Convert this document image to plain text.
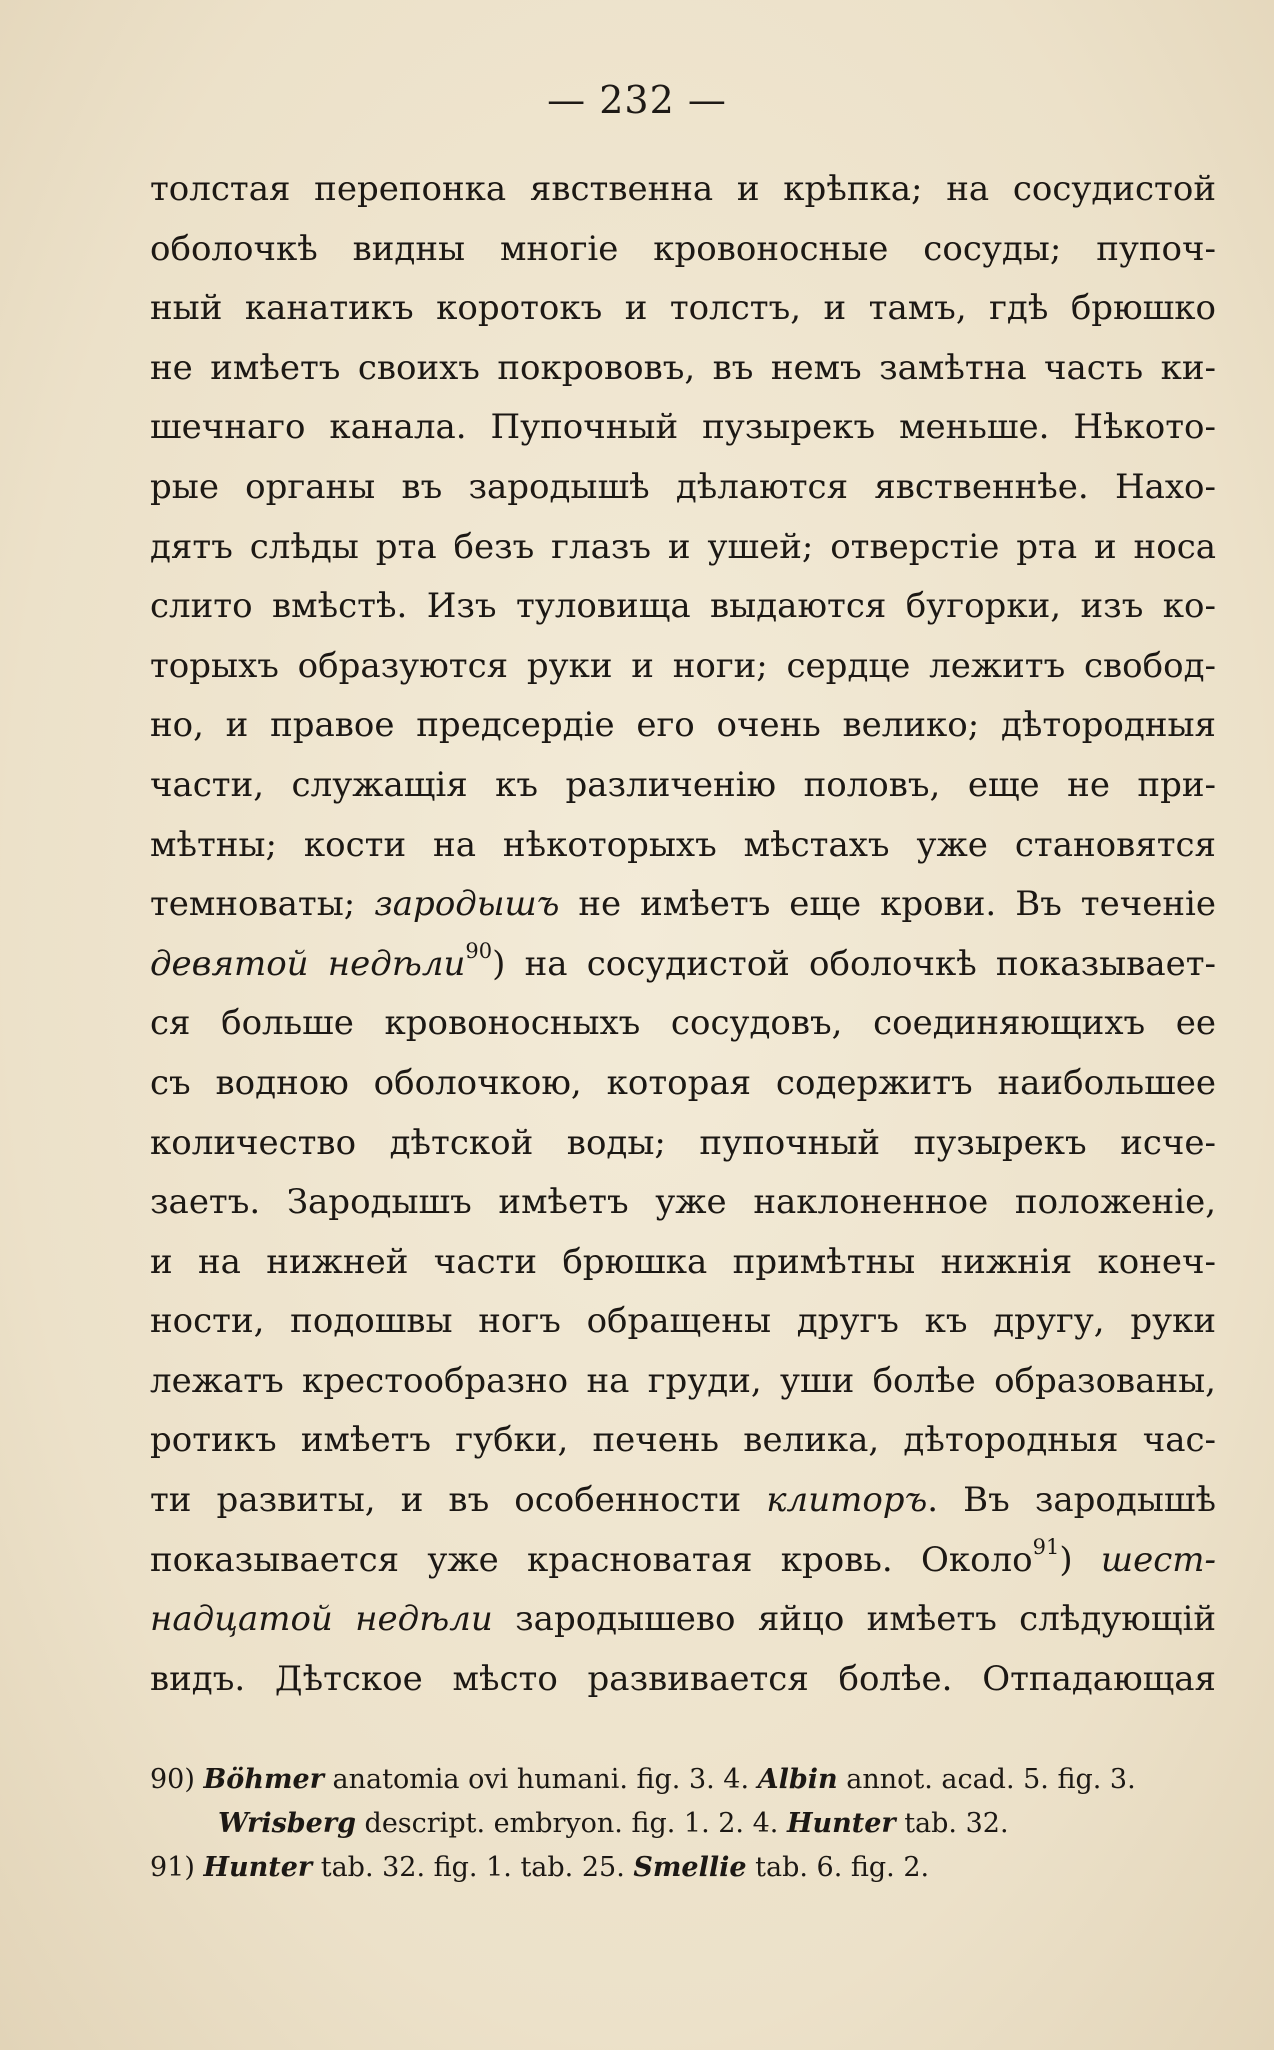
— 232 —
толстая перепонка явственна и крѣпка; на сосудистой
оболочкѣ видны многіе кровоносные сосуды; пупоч-
ный канатикъ коротокъ и толстъ, и тамъ, гдѣ брюшко
не имѣетъ своихъ покрововъ, въ немъ замѣтна часть ки-
шечнаго канала. Пупочный пузырекъ меньше. Нѣкото-
рые органы въ зародышѣ дѣлаются явственнѣе. Нахо-
дятъ слѣды рта безъ глазъ и ушей; отверстіе рта и носа
слито вмѣстѣ. Изъ туловища выдаются бугорки, изъ ко-
торыхъ образуются руки и ноги; сердце лежитъ свобод-
но, и правое предсердіе его очень велико; дѣтородныя
части, служащія къ различенію половъ, еще не при-
мѣтны; кости на нѣкоторыхъ мѣстахъ уже становятся
темноваты; зародышъ не имѣетъ еще крови. Въ теченіе
девятой недѣли$^{90}$) на сосудистой оболочкѣ показывает-
ся больше кровоносныхъ сосудовъ, соединяющихъ ее
съ водною оболочкою, которая содержитъ наибольшее
количество дѣтской воды; пупочный пузырекъ исче-
заетъ. Зародышъ имѣетъ уже наклоненное положеніе,
и на нижней части брюшка примѣтны нижнія конеч-
ности, подошвы ногъ обращены другъ къ другу, руки
лежатъ крестообразно на груди, уши болѣе образованы,
ротикъ имѣетъ губки, печень велика, дѣтородныя час-
ти развиты, и въ особенности клиторъ. Въ зародышѣ
показывается уже красноватая кровь. Около$^{91}$) шест-
надцатой недѣли зародышево яйцо имѣетъ слѣдующій
видъ. Дѣтское мѣсто развивается болѣе. Отпадающая
90) Böhmer anatomia ovi humani. fig. 3. 4. Albin annot. acad. 5. fig. 3.
Wrisberg descript. embryon. fig. 1. 2. 4. Hunter tab. 32.
91) Hunter tab. 32. fig. 1. tab. 25. Smellie tab. 6. fig. 2.
